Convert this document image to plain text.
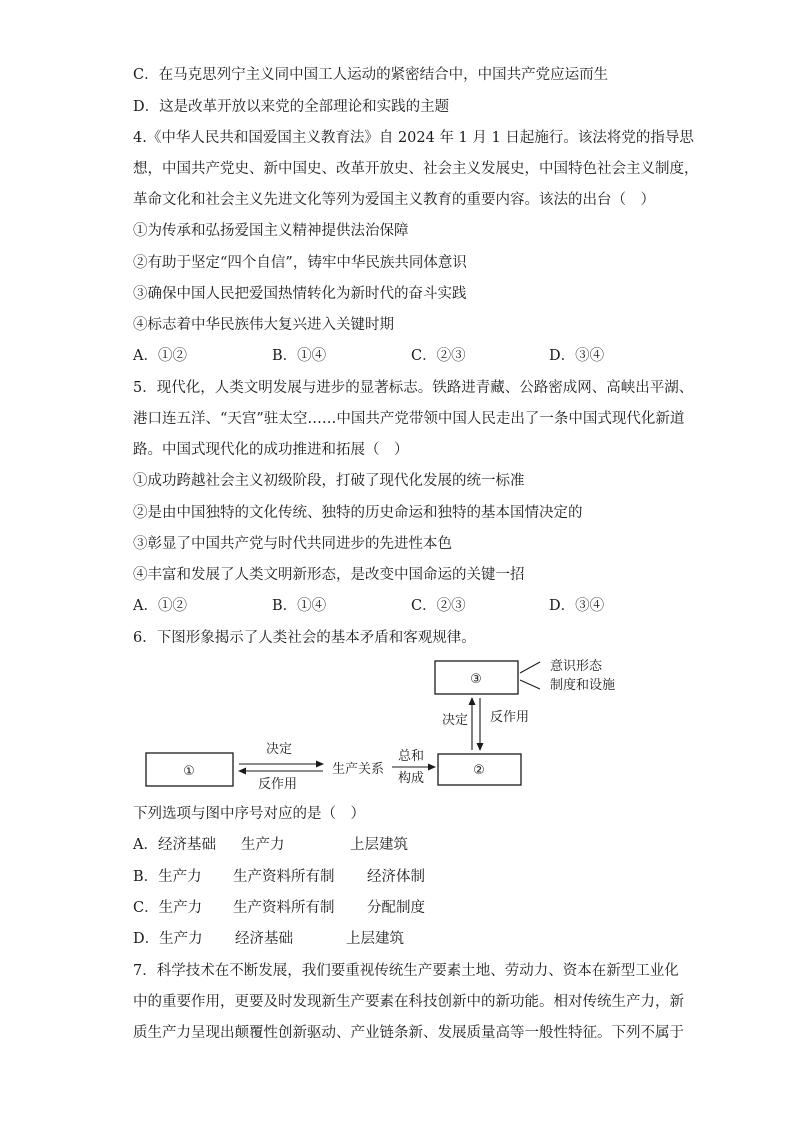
C．在马克思列宁主义同中国工人运动的紧密结合中，中国共产党应运而生
D．这是改革开放以来党的全部理论和实践的主题
4.《中华人民共和国爱国主义教育法》自 2024 年 1 月 1 日起施行。该法将党的指导思
想，中国共产党史、新中国史、改革开放史、社会主义发展史，中国特色社会主义制度，
革命文化和社会主义先进文化等列为爱国主义教育的重要内容。该法的出台（　）
①为传承和弘扬爱国主义精神提供法治保障
②有助于坚定“四个自信”，铸牢中华民族共同体意识
③确保中国人民把爱国热情转化为新时代的奋斗实践
④标志着中华民族伟大复兴进入关键时期
A．①②	B．①④	C．②③	D．③④
5．现代化，人类文明发展与进步的显著标志。铁路进青藏、公路密成网、高峡出平湖、
港口连五洋、“天宫”驻太空……中国共产党带领中国人民走出了一条中国式现代化新道
路。中国式现代化的成功推进和拓展（　）
①成功跨越社会主义初级阶段，打破了现代化发展的统一标准
②是由中国独特的文化传统、独特的历史命运和独特的基本国情决定的
③彰显了中国共产党与时代共同进步的先进性本色
④丰富和发展了人类文明新形态，是改变中国命运的关键一招
A．①②	B．①④	C．②③	D．③④
6．下图形象揭示了人类社会的基本矛盾和客观规律。
③
意识形态
制度和设施
决定 反作用
②
①
决定
反作用
生产关系
总和
构成
下列选项与图中序号对应的是（　）
A．经济基础 生产力	上层建筑
B．生产力 生产资料所有制 经济体制
C．生产力 生产资料所有制 分配制度
D．生产力 经济基础	上层建筑
7．科学技术在不断发展，我们要重视传统生产要素土地、劳动力、资本在新型工业化
中的重要作用，更要及时发现新生产要素在科技创新中的新功能。相对传统生产力，新
质生产力呈现出颠覆性创新驱动、产业链条新、发展质量高等一般性特征。下列不属于
